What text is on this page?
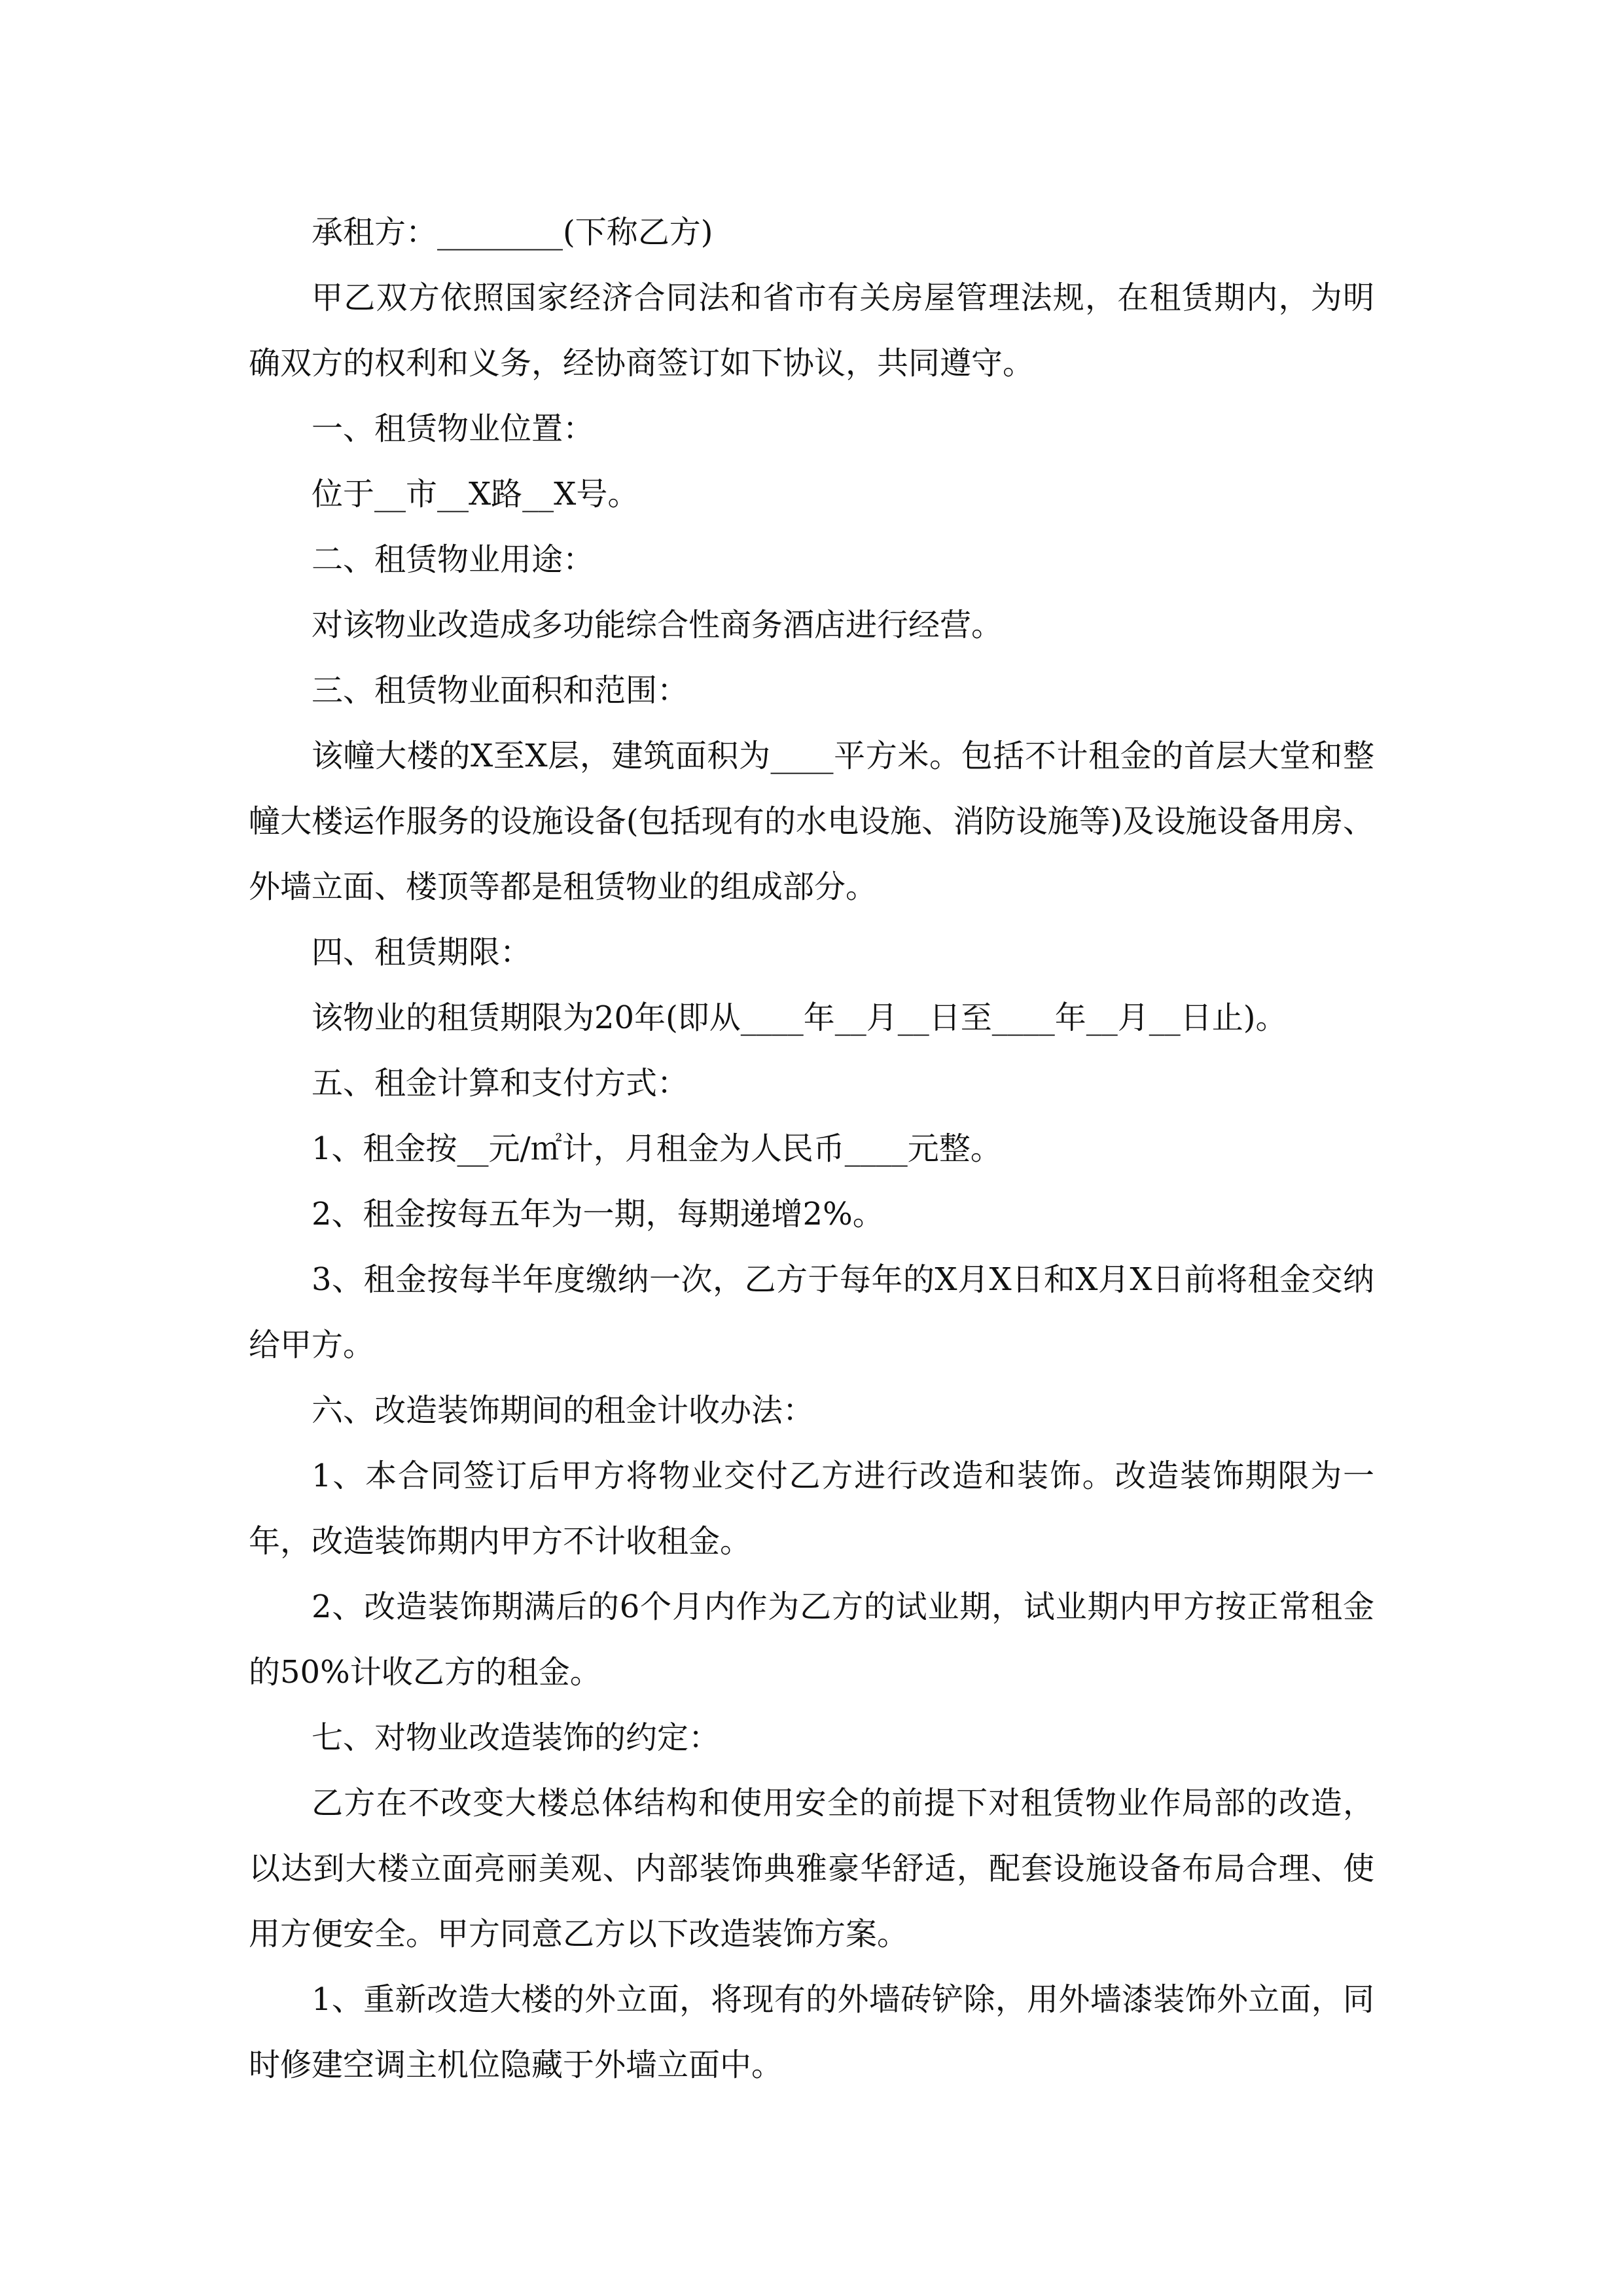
承租方：________(下称乙方)

甲乙双方依照国家经济合同法和省市有关房屋管理法规，在租赁期内，为明确双方的权利和义务，经协商签订如下协议，共同遵守。

一、租赁物业位置：

位于__市__X路__X号。

二、租赁物业用途：

对该物业改造成多功能综合性商务酒店进行经营。

三、租赁物业面积和范围：

该幢大楼的X至X层，建筑面积为____平方米。包括不计租金的首层大堂和整幢大楼运作服务的设施设备(包括现有的水电设施、消防设施等)及设施设备用房、外墙立面、楼顶等都是租赁物业的组成部分。

四、租赁期限：

该物业的租赁期限为20年(即从____年__月__日至____年__月__日止)。

五、租金计算和支付方式：

1、租金按__元/㎡计，月租金为人民币____元整。

2、租金按每五年为一期，每期递增2%。

3、租金按每半年度缴纳一次，乙方于每年的X月X日和X月X日前将租金交纳给甲方。

六、改造装饰期间的租金计收办法：

1、本合同签订后甲方将物业交付乙方进行改造和装饰。改造装饰期限为一年，改造装饰期内甲方不计收租金。

2、改造装饰期满后的6个月内作为乙方的试业期，试业期内甲方按正常租金的50%计收乙方的租金。

七、对物业改造装饰的约定：

乙方在不改变大楼总体结构和使用安全的前提下对租赁物业作局部的改造，以达到大楼立面亮丽美观、内部装饰典雅豪华舒适，配套设施设备布局合理、使用方便安全。甲方同意乙方以下改造装饰方案。

1、重新改造大楼的外立面，将现有的外墙砖铲除，用外墙漆装饰外立面，同时修建空调主机位隐藏于外墙立面中。
